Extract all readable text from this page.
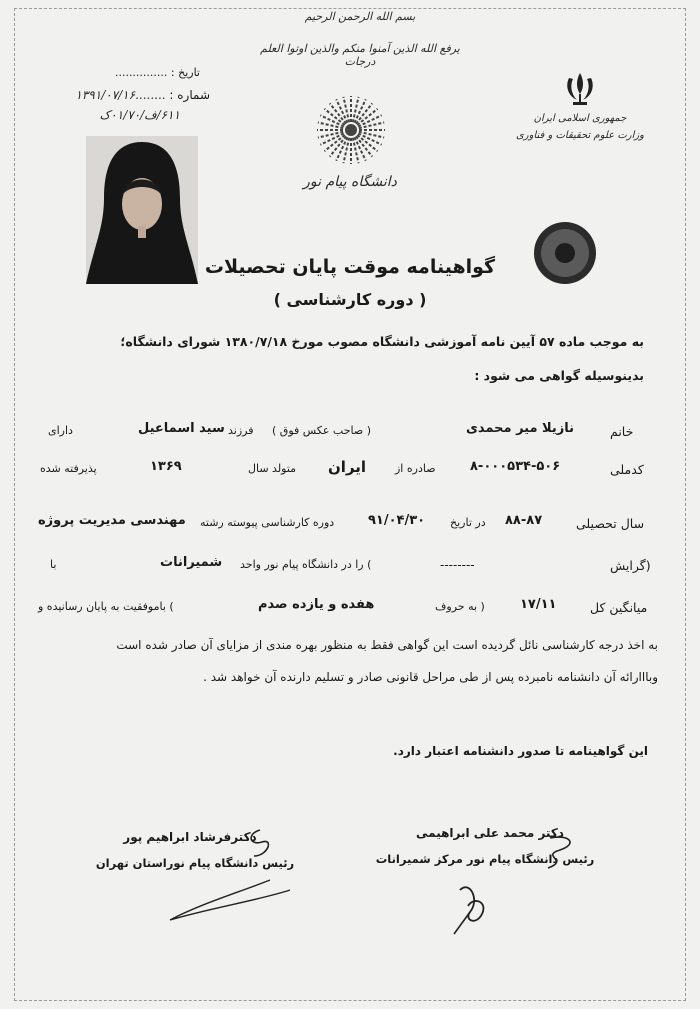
بسم الله الرحمن الرحيم
يرفع الله الذين آمنوا منكم والذين اوتوا العلم درجات
جمهوری اسلامی ایران
وزارت علوم تحقیقات و فناوری
دانشگاه پیام نور
تاریخ : ...............
شماره : ........۱۳۹۱/۰۷/۱۶
۶۱۱/ف/۰۱/۷۰ک
گواهینامه موقت پایان تحصیلات
( دوره کارشناسی )
به موجب ماده ۵۷ آیین نامه آموزشی دانشگاه مصوب مورخ ۱۳۸۰/۷/۱۸ شورای دانشگاه؛
بدینوسیله گواهی می شود :
خانم
نازیلا میر محمدی
( صاحب عکس فوق )
فرزند
سید اسماعیل
دارای
کدملی
۸-۰۰۰۵۳۴-۵۰۶
صادره از
ایران
متولد سال
۱۳۶۹
پذیرفته شده
سال تحصیلی
۸۸-۸۷
در تاریخ
۹۱/۰۴/۳۰
دوره کارشناسی پیوسته رشته
مهندسی مدیریت پروژه
(گرایش
--------
) را در دانشگاه پیام نور واحد
شمیرانات
با
میانگین کل
۱۷/۱۱
( به حروف
هفده و یازده صدم
) باموفقیت به پایان رسانیده و
به اخذ درجه کارشناسی نائل گردیده است این گواهی فقط به منظور بهره مندی از مزایای آن صادر شده است
وبااارائه آن دانشنامه نامبرده پس از طی مراحل قانونی صادر و تسلیم دارنده آن خواهد شد .
این گواهینامه تا صدور دانشنامه اعتبار دارد.
دکتر محمد علی ابراهیمی
رئیس دانشگاه پیام نور مرکز شمیرانات
دکترفرشاد ابراهیم پور
رئیس دانشگاه پیام نوراستان تهران
